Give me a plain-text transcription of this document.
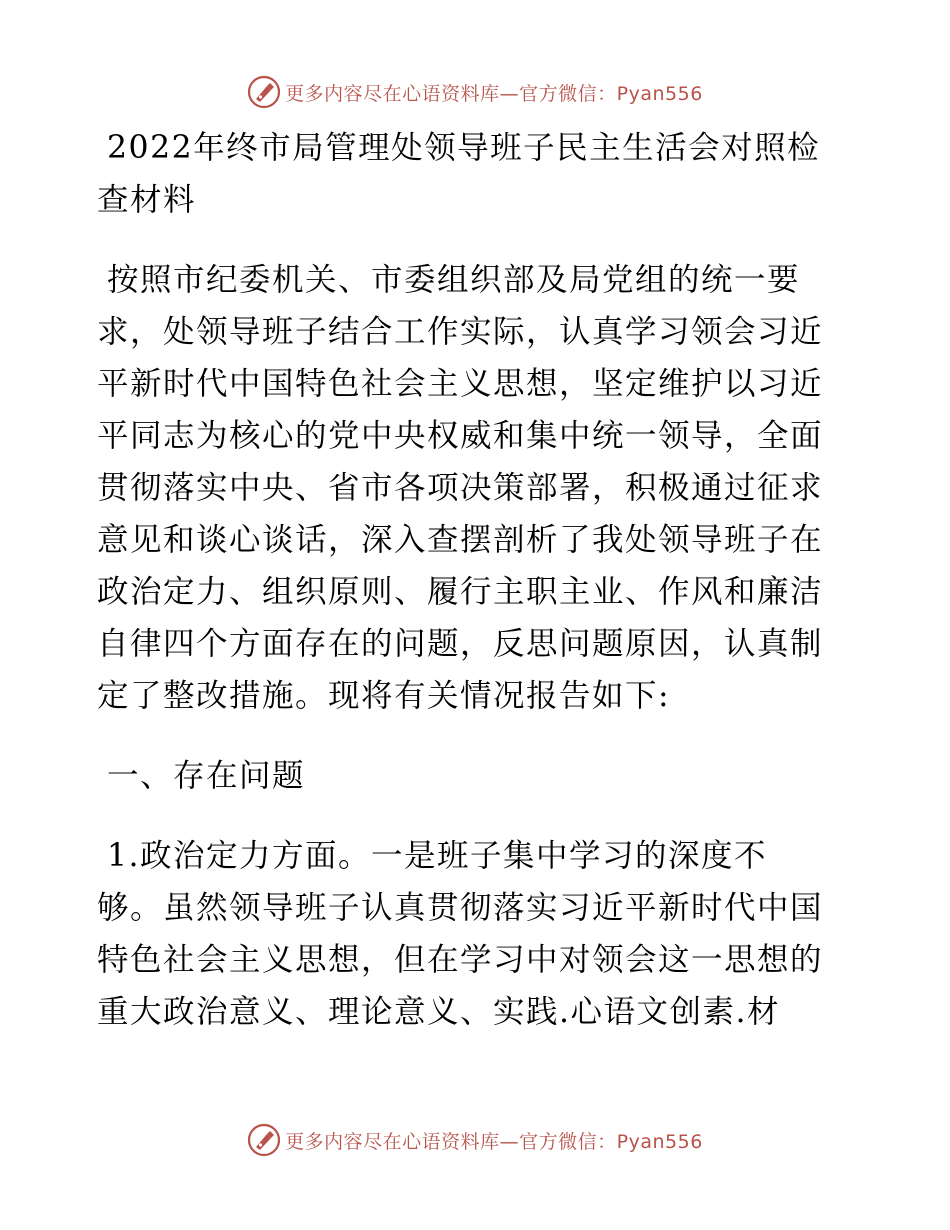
更多内容尽在心语资料库—官方微信：Pyan556
2022年终市局管理处领导班子民主生活会对照检
查材料
按照市纪委机关、市委组织部及局党组的统一要
求，处领导班子结合工作实际，认真学习领会习近
平新时代中国特色社会主义思想，坚定维护以习近
平同志为核心的党中央权威和集中统一领导，全面
贯彻落实中央、省市各项决策部署，积极通过征求
意见和谈心谈话，深入查摆剖析了我处领导班子在
政治定力、组织原则、履行主职主业、作风和廉洁
自律四个方面存在的问题，反思问题原因，认真制
定了整改措施。现将有关情况报告如下:
一、存在问题
1.政治定力方面。一是班子集中学习的深度不
够。虽然领导班子认真贯彻落实习近平新时代中国
特色社会主义思想，但在学习中对领会这一思想的
重大政治意义、理论意义、实践.心语文创素.材
更多内容尽在心语资料库—官方微信：Pyan556
